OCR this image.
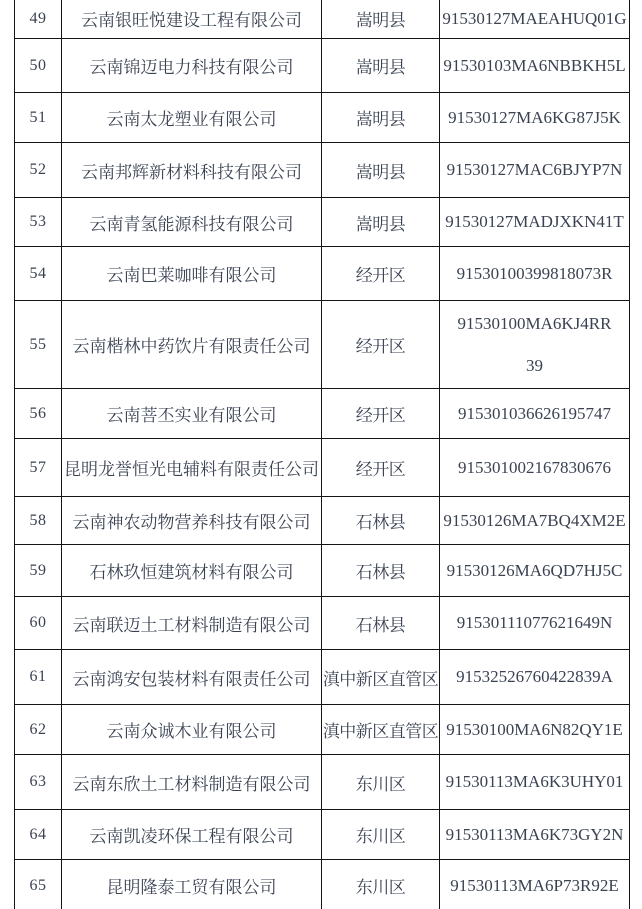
49	云南银旺悦建设工程有限公司	嵩明县	91530127MAEAHUQ01G

50	云南锦迈电力科技有限公司	嵩明县	91530103MA6NBBKH5L

51	云南太龙塑业有限公司	嵩明县	91530127MA6KG87J5K

52	云南邦辉新材料科技有限公司	嵩明县	91530127MAC6BJYP7N

53	云南青氢能源科技有限公司	嵩明县	91530127MADJXKN41T

54	云南巴莱咖啡有限公司	经开区	91530100399818073R

55	云南楷林中药饮片有限责任公司	经开区	91530100MA6KJ4RR
39

56	云南菩丕实业有限公司	经开区	915301036626195747

57	昆明龙誉恒光电辅料有限责任公司	经开区	915301002167830676

58	云南神农动物营养科技有限公司	石林县	91530126MA7BQ4XM2E

59	石林玖恒建筑材料有限公司	石林县	91530126MA6QD7HJ5C

60	云南联迈土工材料制造有限公司	石林县	91530111077621649N

61	云南鸿安包装材料有限责任公司	滇中新区直管区	91532526760422839A

62	云南众诚木业有限公司	滇中新区直管区	91530100MA6N82QY1E

63	云南东欣土工材料制造有限公司	东川区	91530113MA6K3UHY01

64	云南凯凌环保工程有限公司	东川区	91530113MA6K73GY2N

65	昆明隆泰工贸有限公司	东川区	91530113MA6P73R92E
